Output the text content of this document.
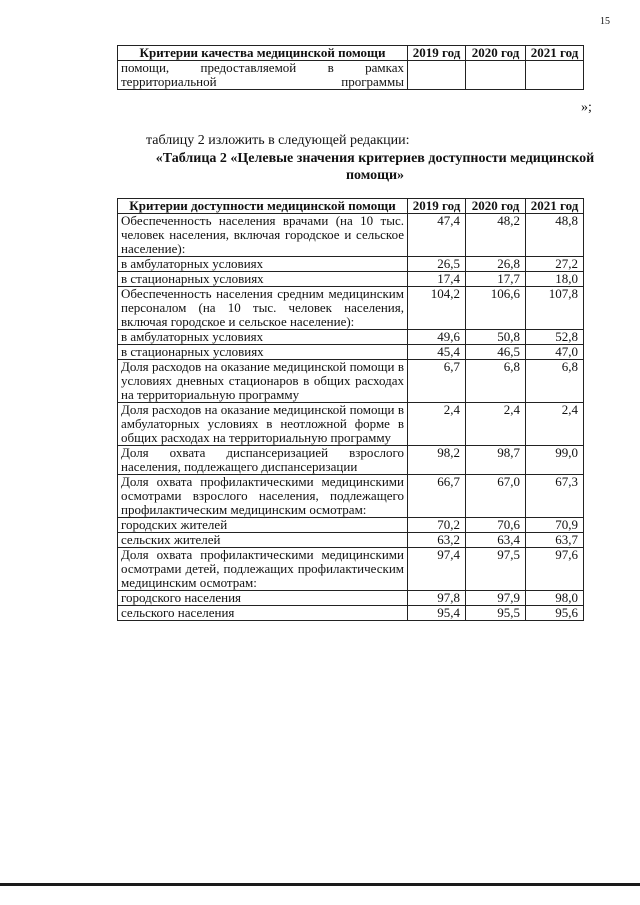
15
Критерии качества медицинской помощи	2019 год	2020 год	2021 год
помощи, предоставляемой в рамках территориальной программы			
»;
таблицу 2 изложить в следующей редакции:
«Таблица 2 «Целевые значения критериев доступности медицинской помощи»
Критерии доступности медицинской помощи	2019 год	2020 год	2021 год
Обеспеченность населения врачами (на 10 тыс. человек населения, включая городское и сельское население):	47,4	48,2	48,8
в амбулаторных условиях	26,5	26,8	27,2
в стационарных условиях	17,4	17,7	18,0
Обеспеченность населения средним медицинским персоналом (на 10 тыс. человек населения, включая городское и сельское население):	104,2	106,6	107,8
в амбулаторных условиях	49,6	50,8	52,8
в стационарных условиях	45,4	46,5	47,0
Доля расходов на оказание медицинской помощи в условиях дневных стационаров в общих расходах на территориальную программу	6,7	6,8	6,8
Доля расходов на оказание медицинской помощи в амбулаторных условиях в неотложной форме в общих расходах на территориальную программу	2,4	2,4	2,4
Доля охвата диспансеризацией взрослого населения, подлежащего диспансеризации	98,2	98,7	99,0
Доля охвата профилактическими медицинскими осмотрами взрослого населения, подлежащего профилактическим медицинским осмотрам:	66,7	67,0	67,3
городских жителей	70,2	70,6	70,9
сельских жителей	63,2	63,4	63,7
Доля охвата профилактическими медицинскими осмотрами детей, подлежащих профилактическим медицинским осмотрам:	97,4	97,5	97,6
городского населения	97,8	97,9	98,0
сельского населения	95,4	95,5	95,6
